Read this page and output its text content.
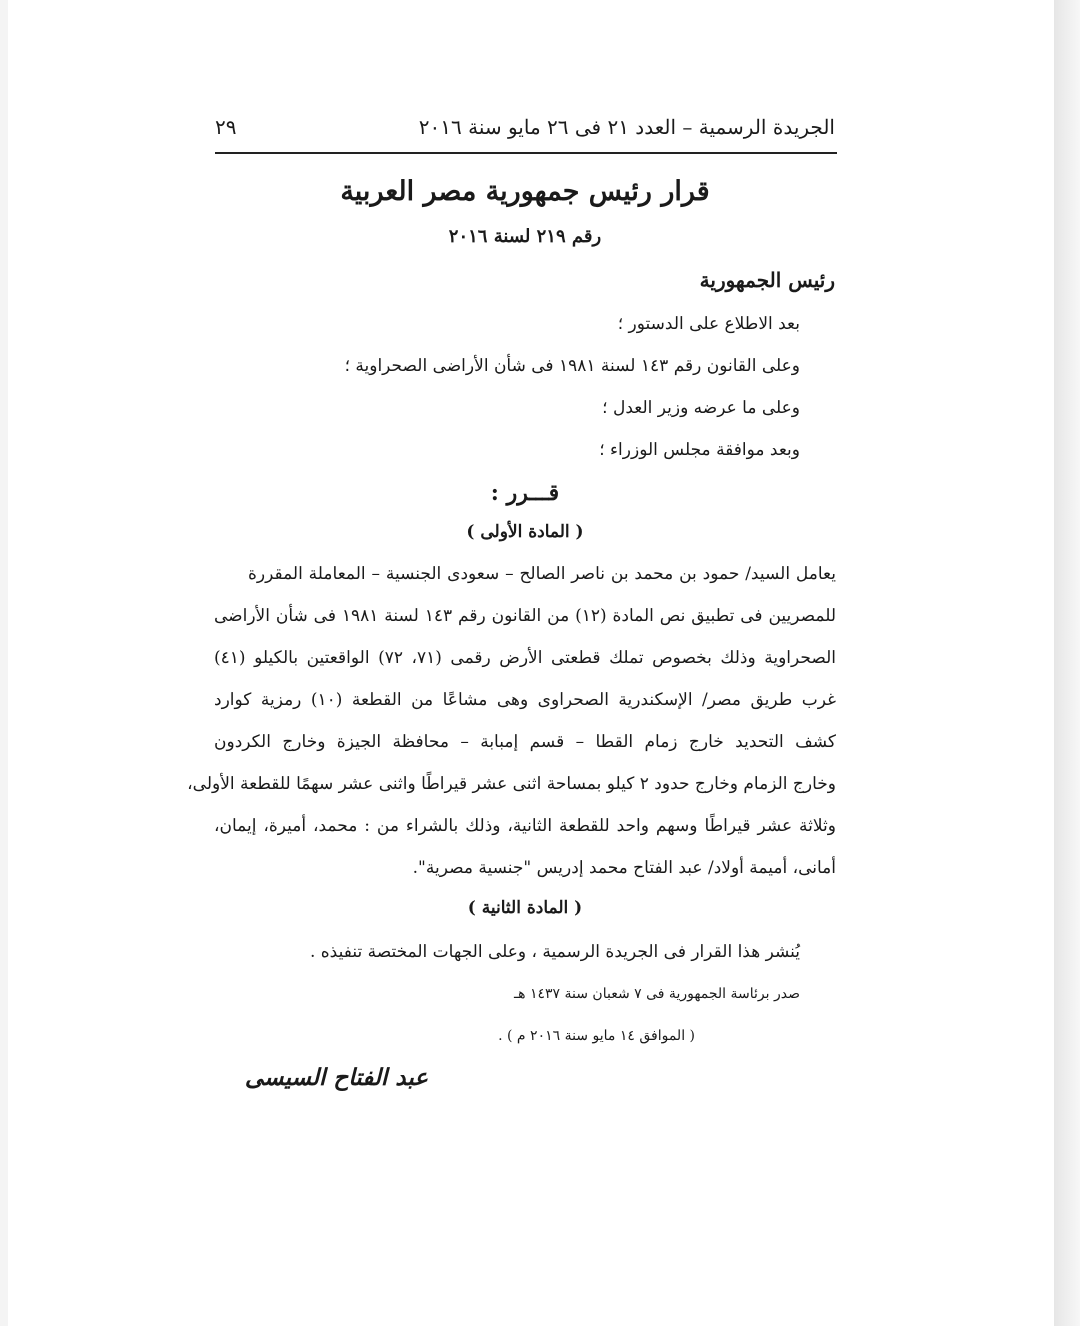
الجريدة الرسمية – العدد ٢١ فى ٢٦ مايو سنة ٢٠١٦
٢٩
قرار رئيس جمهورية مصر العربية
رقم ٢١٩ لسنة ٢٠١٦
رئيس الجمهورية
بعد الاطلاع على الدستور ؛
وعلى القانون رقم ١٤٣ لسنة ١٩٨١ فى شأن الأراضى الصحراوية ؛
وعلى ما عرضه وزير العدل ؛
وبعد موافقة مجلس الوزراء ؛
قـــرر :
( المادة الأولى )
يعامل السيد/ حمود بن محمد بن ناصر الصالح – سعودى الجنسية – المعاملة المقررة
للمصريين فى تطبيق نص المادة (١٢) من القانون رقم ١٤٣ لسنة ١٩٨١ فى شأن الأراضى
الصحراوية وذلك بخصوص تملك قطعتى الأرض رقمى (٧١، ٧٢) الواقعتين بالكيلو (٤١)
غرب طريق مصر/ الإسكندرية الصحراوى وهى مشاعًا من القطعة (١٠) رمزية كوارد
كشف التحديد خارج زمام القطا – قسم إمبابة – محافظة الجيزة وخارج الكردون
وخارج الزمام وخارج حدود ٢ كيلو بمساحة اثنى عشر قيراطًا واثنى عشر سهمًا للقطعة الأولى،
وثلاثة عشر قيراطًا وسهم واحد للقطعة الثانية، وذلك بالشراء من : محمد، أميرة، إيمان،
أمانى، أميمة أولاد/ عبد الفتاح محمد إدريس "جنسية مصرية".
( المادة الثانية )
يُنشر هذا القرار فى الجريدة الرسمية ، وعلى الجهات المختصة تنفيذه .
صدر برئاسة الجمهورية فى ٧ شعبان سنة ١٤٣٧ هـ
( الموافق ١٤ مايو سنة ٢٠١٦ م ) .
عبد الفتاح السيسى
